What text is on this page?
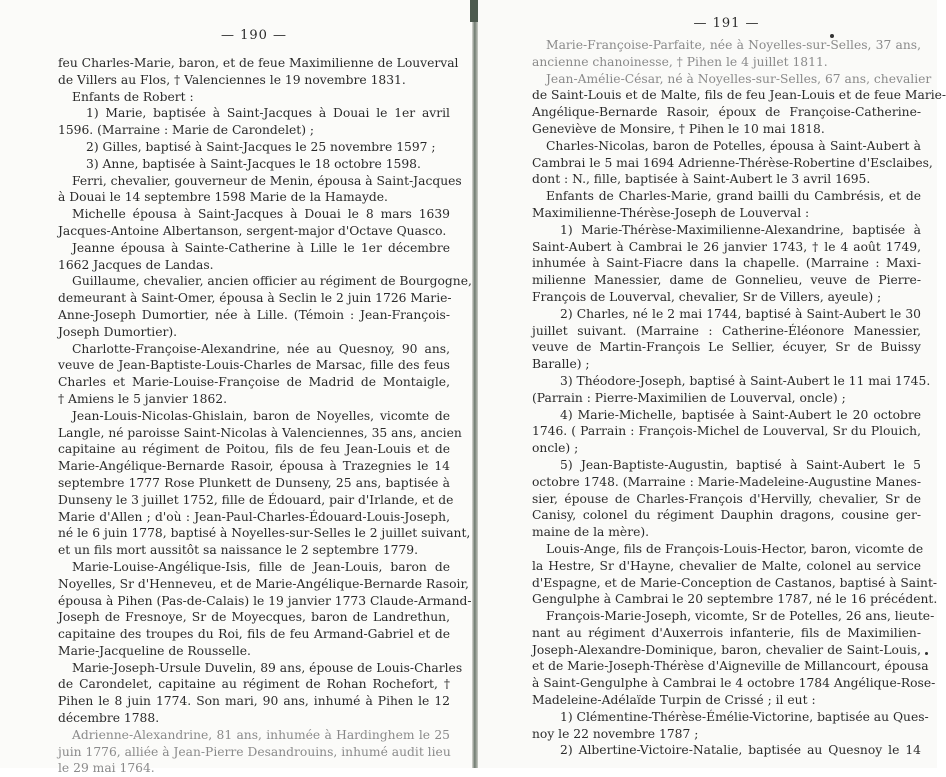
— 190 —
feu Charles-Marie, baron, et de feue Maximilienne de Louverval
de Villers au Flos, † Valenciennes le 19 novembre 1831.
Enfants de Robert :
1) Marie, baptisée à Saint-Jacques à Douai le 1er avril
1596. (Marraine : Marie de Carondelet) ;
2) Gilles, baptisé à Saint-Jacques le 25 novembre 1597 ;
3) Anne, baptisée à Saint-Jacques le 18 octobre 1598.
Ferri, chevalier, gouverneur de Menin, épousa à Saint-Jacques
à Douai le 14 septembre 1598 Marie de la Hamayde.
Michelle épousa à Saint-Jacques à Douai le 8 mars 1639
Jacques-Antoine Albertanson, sergent-major d'Octave Quasco.
Jeanne épousa à Sainte-Catherine à Lille le 1er décembre
1662 Jacques de Landas.
Guillaume, chevalier, ancien officier au régiment de Bourgogne,
demeurant à Saint-Omer, épousa à Seclin le 2 juin 1726 Marie-
Anne-Joseph Dumortier, née à Lille. (Témoin : Jean-François-
Joseph Dumortier).
Charlotte-Françoise-Alexandrine, née au Quesnoy, 90 ans,
veuve de Jean-Baptiste-Louis-Charles de Marsac, fille des feus
Charles et Marie-Louise-Françoise de Madrid de Montaigle,
† Amiens le 5 janvier 1862.
Jean-Louis-Nicolas-Ghislain, baron de Noyelles, vicomte de
Langle, né paroisse Saint-Nicolas à Valenciennes, 35 ans, ancien
capitaine au régiment de Poitou, fils de feu Jean-Louis et de
Marie-Angélique-Bernarde Rasoir, épousa à Trazegnies le 14
septembre 1777 Rose Plunkett de Dunseny, 25 ans, baptisée à
Dunseny le 3 juillet 1752, fille de Édouard, pair d'Irlande, et de
Marie d'Allen ; d'où : Jean-Paul-Charles-Édouard-Louis-Joseph,
né le 6 juin 1778, baptisé à Noyelles-sur-Selles le 2 juillet suivant,
et un fils mort aussitôt sa naissance le 2 septembre 1779.
Marie-Louise-Angélique-Isis, fille de Jean-Louis, baron de
Noyelles, Sr d'Henneveu, et de Marie-Angélique-Bernarde Rasoir,
épousa à Pihen (Pas-de-Calais) le 19 janvier 1773 Claude-Armand-
Joseph de Fresnoye, Sr de Moyecques, baron de Landrethun,
capitaine des troupes du Roi, fils de feu Armand-Gabriel et de
Marie-Jacqueline de Rousselle.
Marie-Joseph-Ursule Duvelin, 89 ans, épouse de Louis-Charles
de Carondelet, capitaine au régiment de Rohan Rochefort, †
Pihen le 8 juin 1774. Son mari, 90 ans, inhumé à Pihen le 12
décembre 1788.
Adrienne-Alexandrine, 81 ans, inhumée à Hardinghem le 25
juin 1776, alliée à Jean-Pierre Desandrouins, inhumé audit lieu
le 29 mai 1764.
— 191 —
Marie-Françoise-Parfaite, née à Noyelles-sur-Selles, 37 ans,
ancienne chanoinesse, † Pihen le 4 juillet 1811.
Jean-Amélie-César, né à Noyelles-sur-Selles, 67 ans, chevalier
de Saint-Louis et de Malte, fils de feu Jean-Louis et de feue Marie-
Angélique-Bernarde Rasoir, époux de Françoise-Catherine-
Geneviève de Monsire, † Pihen le 10 mai 1818.
Charles-Nicolas, baron de Potelles, épousa à Saint-Aubert à
Cambrai le 5 mai 1694 Adrienne-Thérèse-Robertine d'Esclaibes,
dont : N., fille, baptisée à Saint-Aubert le 3 avril 1695.
Enfants de Charles-Marie, grand bailli du Cambrésis, et de
Maximilienne-Thérèse-Joseph de Louverval :
1) Marie-Thérèse-Maximilienne-Alexandrine, baptisée à
Saint-Aubert à Cambrai le 26 janvier 1743, † le 4 août 1749,
inhumée à Saint-Fiacre dans la chapelle. (Marraine : Maxi-
milienne Manessier, dame de Gonnelieu, veuve de Pierre-
François de Louverval, chevalier, Sr de Villers, ayeule) ;
2) Charles, né le 2 mai 1744, baptisé à Saint-Aubert le 30
juillet suivant. (Marraine : Catherine-Éléonore Manessier,
veuve de Martin-François Le Sellier, écuyer, Sr de Buissy
Baralle) ;
3) Théodore-Joseph, baptisé à Saint-Aubert le 11 mai 1745.
(Parrain : Pierre-Maximilien de Louverval, oncle) ;
4) Marie-Michelle, baptisée à Saint-Aubert le 20 octobre
1746. ( Parrain : François-Michel de Louverval, Sr du Plouich,
oncle) ;
5) Jean-Baptiste-Augustin, baptisé à Saint-Aubert le 5
octobre 1748. (Marraine : Marie-Madeleine-Augustine Manes-
sier, épouse de Charles-François d'Hervilly, chevalier, Sr de
Canisy, colonel du régiment Dauphin dragons, cousine ger-
maine de la mère).
Louis-Ange, fils de François-Louis-Hector, baron, vicomte de
la Hestre, Sr d'Hayne, chevalier de Malte, colonel au service
d'Espagne, et de Marie-Conception de Castanos, baptisé à Saint-
Gengulphe à Cambrai le 20 septembre 1787, né le 16 précédent.
François-Marie-Joseph, vicomte, Sr de Potelles, 26 ans, lieute-
nant au régiment d'Auxerrois infanterie, fils de Maximilien-
Joseph-Alexandre-Dominique, baron, chevalier de Saint-Louis,
et de Marie-Joseph-Thérèse d'Aigneville de Millancourt, épousa
à Saint-Gengulphe à Cambrai le 4 octobre 1784 Angélique-Rose-
Madeleine-Adélaïde Turpin de Crissé ; il eut :
1) Clémentine-Thérèse-Émélie-Victorine, baptisée au Ques-
noy le 22 novembre 1787 ;
2) Albertine-Victoire-Natalie, baptisée au Quesnoy le 14
